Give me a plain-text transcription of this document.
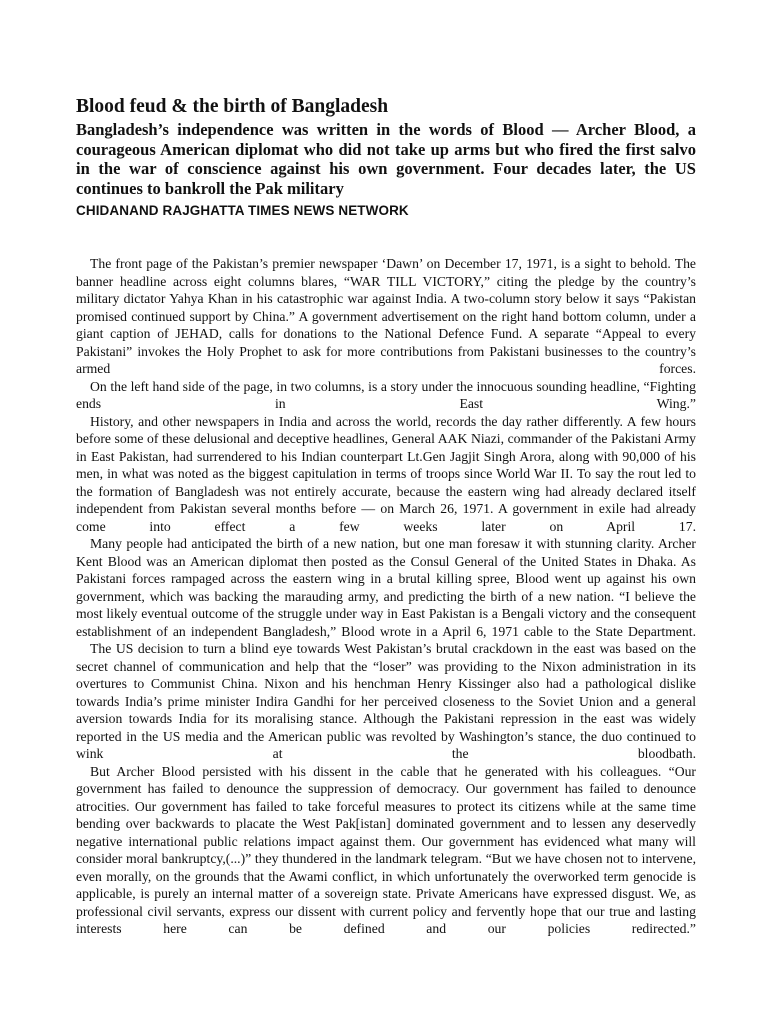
Blood feud & the birth of Bangladesh

Bangladesh’s independence was written in the words of Blood — Archer Blood, a courageous American diplomat who did not take up arms but who fired the first salvo in the war of conscience against his own government. Four decades later, the US continues to bankroll the Pak military

CHIDANAND RAJGHATTA TIMES NEWS NETWORK

The front page of the Pakistan’s premier newspaper ‘Dawn’ on December 17, 1971, is a sight to behold. The banner headline across eight columns blares, “WAR TILL VICTORY,” citing the pledge by the country’s military dictator Yahya Khan in his catastrophic war against India. A two-column story below it says “Pakistan promised continued support by China.” A government advertisement on the right hand bottom column, under a giant caption of JEHAD, calls for donations to the National Defence Fund. A separate “Appeal to every Pakistani” invokes the Holy Prophet to ask for more contributions from Pakistani businesses to the country’s armed forces.

On the left hand side of the page, in two columns, is a story under the innocuous sounding headline, “Fighting ends in East Wing.”

History, and other newspapers in India and across the world, records the day rather differently. A few hours before some of these delusional and deceptive headlines, General AAK Niazi, commander of the Pakistani Army in East Pakistan, had surrendered to his Indian counterpart Lt.Gen Jagjit Singh Arora, along with 90,000 of his men, in what was noted as the biggest capitulation in terms of troops since World War II. To say the rout led to the formation of Bangladesh was not entirely accurate, because the eastern wing had already declared itself independent from Pakistan several months before — on March 26, 1971. A government in exile had already come into effect a few weeks later on April 17.

Many people had anticipated the birth of a new nation, but one man foresaw it with stunning clarity. Archer Kent Blood was an American diplomat then posted as the Consul General of the United States in Dhaka. As Pakistani forces rampaged across the eastern wing in a brutal killing spree, Blood went up against his own government, which was backing the marauding army, and predicting the birth of a new nation. “I believe the most likely eventual outcome of the struggle under way in East Pakistan is a Bengali victory and the consequent establishment of an independent Bangladesh,” Blood wrote in a April 6, 1971 cable to the State Department.

The US decision to turn a blind eye towards West Pakistan’s brutal crackdown in the east was based on the secret channel of communication and help that the “loser” was providing to the Nixon administration in its overtures to Communist China. Nixon and his henchman Henry Kissinger also had a pathological dislike towards India’s prime minister Indira Gandhi for her perceived closeness to the Soviet Union and a general aversion towards India for its moralising stance. Although the Pakistani repression in the east was widely reported in the US media and the American public was revolted by Washington’s stance, the duo continued to wink at the bloodbath.

But Archer Blood persisted with his dissent in the cable that he generated with his colleagues. “Our government has failed to denounce the suppression of democracy. Our government has failed to denounce atrocities. Our government has failed to take forceful measures to protect its citizens while at the same time bending over backwards to placate the West Pak[istan] dominated government and to lessen any deservedly negative international public relations impact against them. Our government has evidenced what many will consider moral bankruptcy,(...)” they thundered in the landmark telegram. “But we have chosen not to intervene, even morally, on the grounds that the Awami conflict, in which unfortunately the overworked term genocide is applicable, is purely an internal matter of a sovereign state. Private Americans have expressed disgust. We, as professional civil servants, express our dissent with current policy and fervently hope that our true and lasting interests here can be defined and our policies redirected.”
